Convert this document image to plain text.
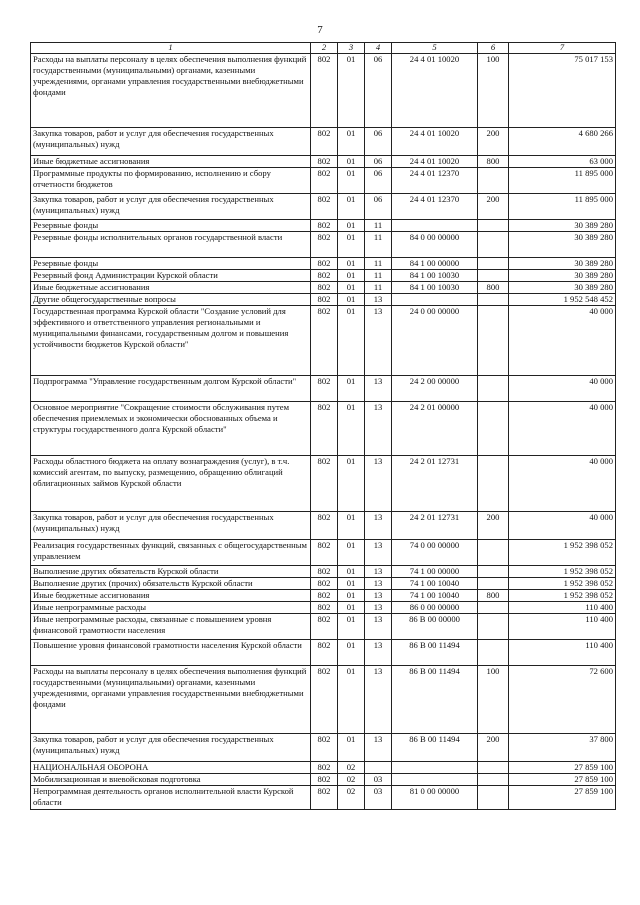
7
1	2	3	4	5	6	7
Расходы на выплаты персоналу в целях обеспечения выполнения функций государственными (муниципальными) органами, казенными учреждениями, органами управления государственными внебюджетными фондами	802	01	06	24 4 01 10020	100	75 017 153
Закупка товаров, работ и услуг для обеспечения государственных (муниципальных) нужд	802	01	06	24 4 01 10020	200	4 680 266
Иные бюджетные ассигнования	802	01	06	24 4 01 10020	800	63 000
Программные продукты по формированию, исполнению и сбору отчетности бюджетов	802	01	06	24 4 01 12370		11 895 000
Закупка товаров, работ и услуг для обеспечения государственных (муниципальных) нужд	802	01	06	24 4 01 12370	200	11 895 000
Резервные фонды	802	01	11			30 389 280
Резервные фонды исполнительных органов государственной власти	802	01	11	84 0 00 00000		30 389 280
Резервные фонды	802	01	11	84 1 00 00000		30 389 280
Резервный фонд Администрации Курской области	802	01	11	84 1 00 10030		30 389 280
Иные бюджетные ассигнования	802	01	11	84 1 00 10030	800	30 389 280
Другие общегосударственные вопросы	802	01	13			1 952 548 452
Государственная программа Курской области "Создание условий для эффективного и ответственного управления региональными и муниципальными финансами, государственным долгом и повышения устойчивости бюджетов Курской области"	802	01	13	24 0 00 00000		40 000
Подпрограмма "Управление государственным долгом Курской области"	802	01	13	24 2 00 00000		40 000
Основное мероприятие "Сокращение стоимости обслуживания путем обеспечения приемлемых и экономически обоснованных объема и структуры государственного долга Курской области"	802	01	13	24 2 01 00000		40 000
Расходы областного бюджета на оплату вознаграждения (услуг), в т.ч. комиссий агентам, по выпуску, размещению, обращению облигаций облигационных займов Курской области	802	01	13	24 2 01 12731		40 000
Закупка товаров, работ и услуг для обеспечения государственных (муниципальных) нужд	802	01	13	24 2 01 12731	200	40 000
Реализация государственных функций, связанных с общегосударственным управлением	802	01	13	74 0 00 00000		1 952 398 052
Выполнение других обязательств Курской области	802	01	13	74 1 00 00000		1 952 398 052
Выполнение других (прочих) обязательств Курской области	802	01	13	74 1 00 10040		1 952 398 052
Иные бюджетные ассигнования	802	01	13	74 1 00 10040	800	1 952 398 052
Иные непрограммные расходы	802	01	13	86 0 00 00000		110 400
Иные непрограммные расходы, связанные с повышением уровня финансовой грамотности населения	802	01	13	86 В 00 00000		110 400
Повышение уровня финансовой грамотности населения Курской области	802	01	13	86 В 00 11494		110 400
Расходы на выплаты персоналу в целях обеспечения выполнения функций государственными (муниципальными) органами, казенными учреждениями, органами управления государственными внебюджетными фондами	802	01	13	86 В 00 11494	100	72 600
Закупка товаров, работ и услуг для обеспечения государственных (муниципальных) нужд	802	01	13	86 В 00 11494	200	37 800
НАЦИОНАЛЬНАЯ ОБОРОНА	802	02				27 859 100
Мобилизационная и вневойсковая подготовка	802	02	03			27 859 100
Непрограммная деятельность органов исполнительной власти Курской области	802	02	03	81 0 00 00000		27 859 100
